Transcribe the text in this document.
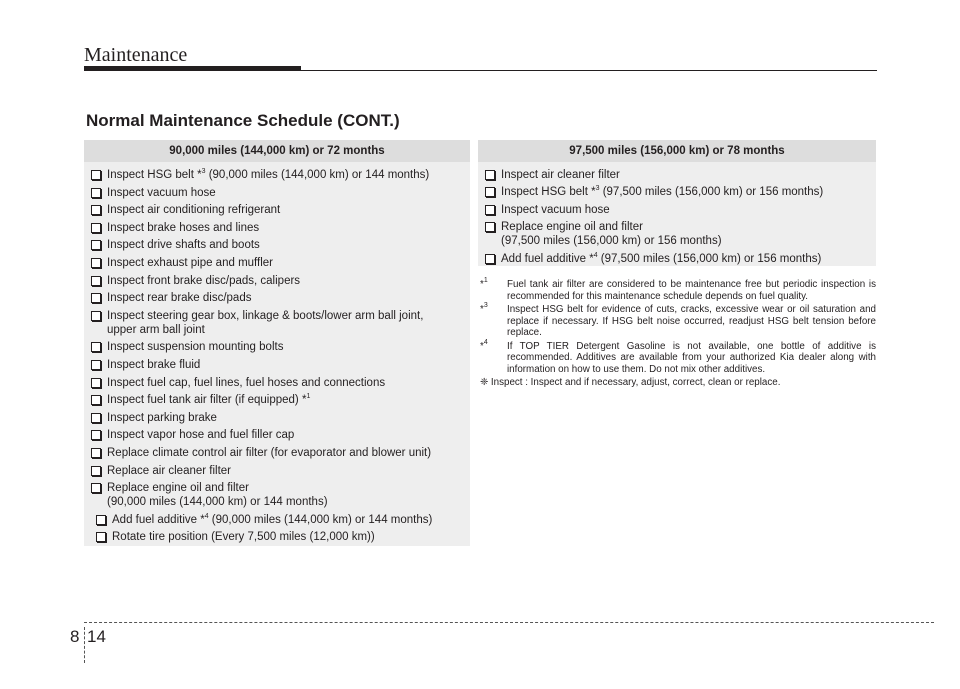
Maintenance
Normal Maintenance Schedule (CONT.)
90,000 miles (144,000 km) or 72 months
Inspect HSG belt *$^3$ (90,000 miles (144,000 km) or 144 months)
Inspect vacuum hose
Inspect air conditioning refrigerant
Inspect brake hoses and lines
Inspect drive shafts and boots
Inspect exhaust pipe and muffler
Inspect front brake disc/pads, calipers
Inspect rear brake disc/pads
Inspect steering gear box, linkage & boots/lower arm ball joint,
upper arm ball joint
Inspect suspension mounting bolts
Inspect brake fluid
Inspect fuel cap, fuel lines, fuel hoses and connections
Inspect fuel tank air filter (if equipped) *$^1$
Inspect parking brake
Inspect vapor hose and fuel filler cap
Replace climate control air filter (for evaporator and blower unit)
Replace air cleaner filter
Replace engine oil and filter
(90,000 miles (144,000 km) or 144 months)
Add fuel additive *$^4$ (90,000 miles (144,000 km) or 144 months)
Rotate tire position (Every 7,500 miles (12,000 km))
97,500 miles (156,000 km) or 78 months
Inspect air cleaner filter
Inspect HSG belt *$^3$ (97,500 miles (156,000 km) or 156 months)
Inspect vacuum hose
Replace engine oil and filter
(97,500 miles (156,000 km) or 156 months)
Add fuel additive *$^4$ (97,500 miles (156,000 km) or 156 months)
*$^1$ Fuel tank air filter are considered to be maintenance free but periodic inspection is recommended for this maintenance schedule depends on fuel quality.
*$^3$ Inspect HSG belt for evidence of cuts, cracks, excessive wear or oil saturation and replace if necessary. If HSG belt noise occurred, readjust HSG belt tension before replace.
*$^4$ If TOP TIER Detergent Gasoline is not available, one bottle of additive is recommended. Additives are available from your authorized Kia dealer along with information on how to use them. Do not mix other additives.
❈ Inspect : Inspect and if necessary, adjust, correct, clean or replace.
8 14
